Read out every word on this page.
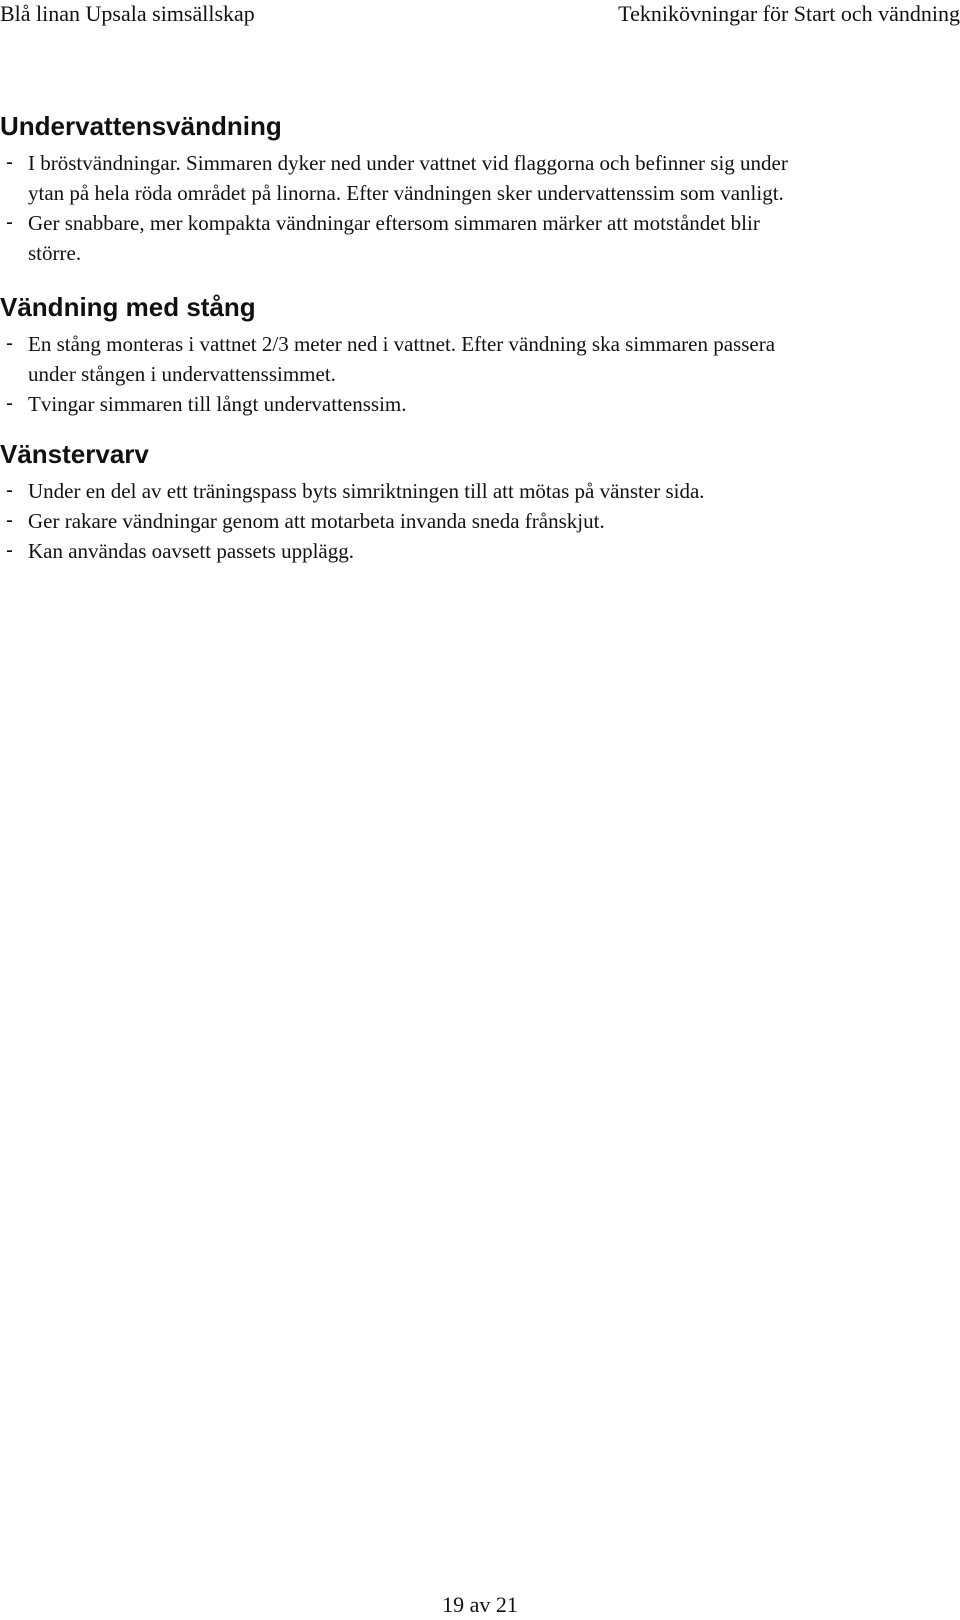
Blå linan Upsala simsällskap	Teknikövningar för Start och vändning
Undervattensvändning
- I bröstvändningar. Simmaren dyker ned under vattnet vid flaggorna och befinner sig under
ytan på hela röda området på linorna. Efter vändningen sker undervattenssim som vanligt.
- Ger snabbare, mer kompakta vändningar eftersom simmaren märker att motståndet blir
större.
Vändning med stång
- En stång monteras i vattnet 2/3 meter ned i vattnet. Efter vändning ska simmaren passera
under stången i undervattenssimmet.
- Tvingar simmaren till långt undervattenssim.
Vänstervarv
- Under en del av ett träningspass byts simriktningen till att mötas på vänster sida.
- Ger rakare vändningar genom att motarbeta invanda sneda frånskjut.
- Kan användas oavsett passets upplägg.
19 av 21
